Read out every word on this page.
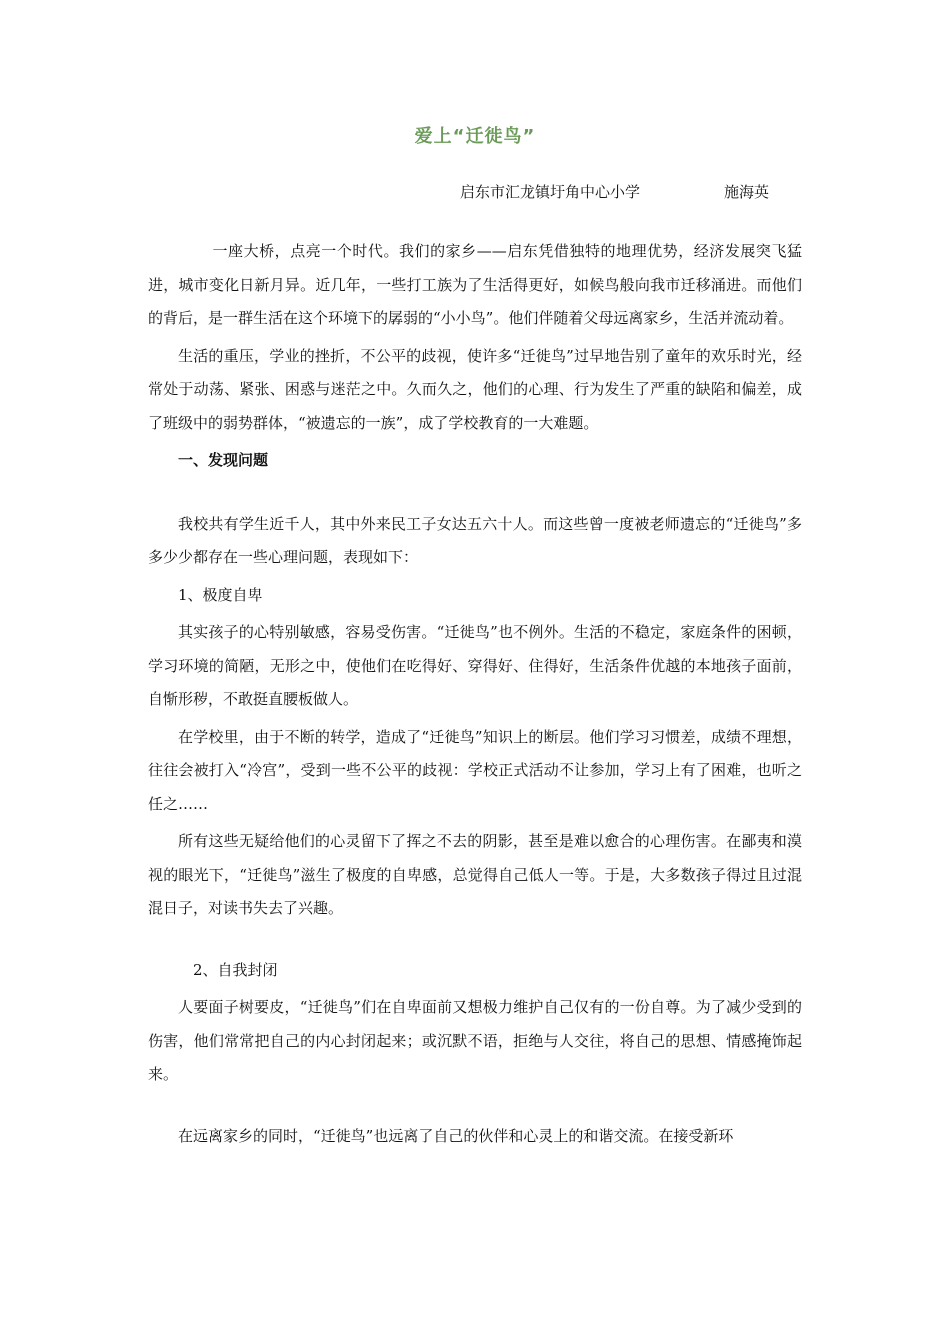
爱上“迁徙鸟”
启东市汇龙镇圩角中心小学	施海英

一座大桥，点亮一个时代。我们的家乡——启东凭借独特的地理优势，经济发展突飞猛进，城市变化日新月异。近几年，一些打工族为了生活得更好，如候鸟般向我市迁移涌进。而他们的背后，是一群生活在这个环境下的孱弱的“小小鸟”。他们伴随着父母远离家乡，生活并流动着。

生活的重压，学业的挫折，不公平的歧视，使许多“迁徙鸟”过早地告别了童年的欢乐时光，经常处于动荡、紧张、困惑与迷茫之中。久而久之，他们的心理、行为发生了严重的缺陷和偏差，成了班级中的弱势群体，“被遗忘的一族”，成了学校教育的一大难题。

一、发现问题

我校共有学生近千人，其中外来民工子女达五六十人。而这些曾一度被老师遗忘的“迁徙鸟”多多少少都存在一些心理问题，表现如下：

1、极度自卑

其实孩子的心特别敏感，容易受伤害。“迁徙鸟”也不例外。生活的不稳定，家庭条件的困顿，学习环境的简陋，无形之中，使他们在吃得好、穿得好、住得好，生活条件优越的本地孩子面前，自惭形秽，不敢挺直腰板做人。

在学校里，由于不断的转学，造成了“迁徙鸟”知识上的断层。他们学习习惯差，成绩不理想，往往会被打入“冷宫”，受到一些不公平的歧视：学校正式活动不让参加，学习上有了困难，也听之任之……

所有这些无疑给他们的心灵留下了挥之不去的阴影，甚至是难以愈合的心理伤害。在鄙夷和漠视的眼光下，“迁徙鸟”滋生了极度的自卑感，总觉得自己低人一等。于是，大多数孩子得过且过混混日子，对读书失去了兴趣。

2、自我封闭

人要面子树要皮，“迁徙鸟”们在自卑面前又想极力维护自己仅有的一份自尊。为了减少受到的伤害，他们常常把自己的内心封闭起来；或沉默不语，拒绝与人交往，将自己的思想、情感掩饰起来。

在远离家乡的同时，“迁徙鸟”也远离了自己的伙伴和心灵上的和谐交流。在接受新环
